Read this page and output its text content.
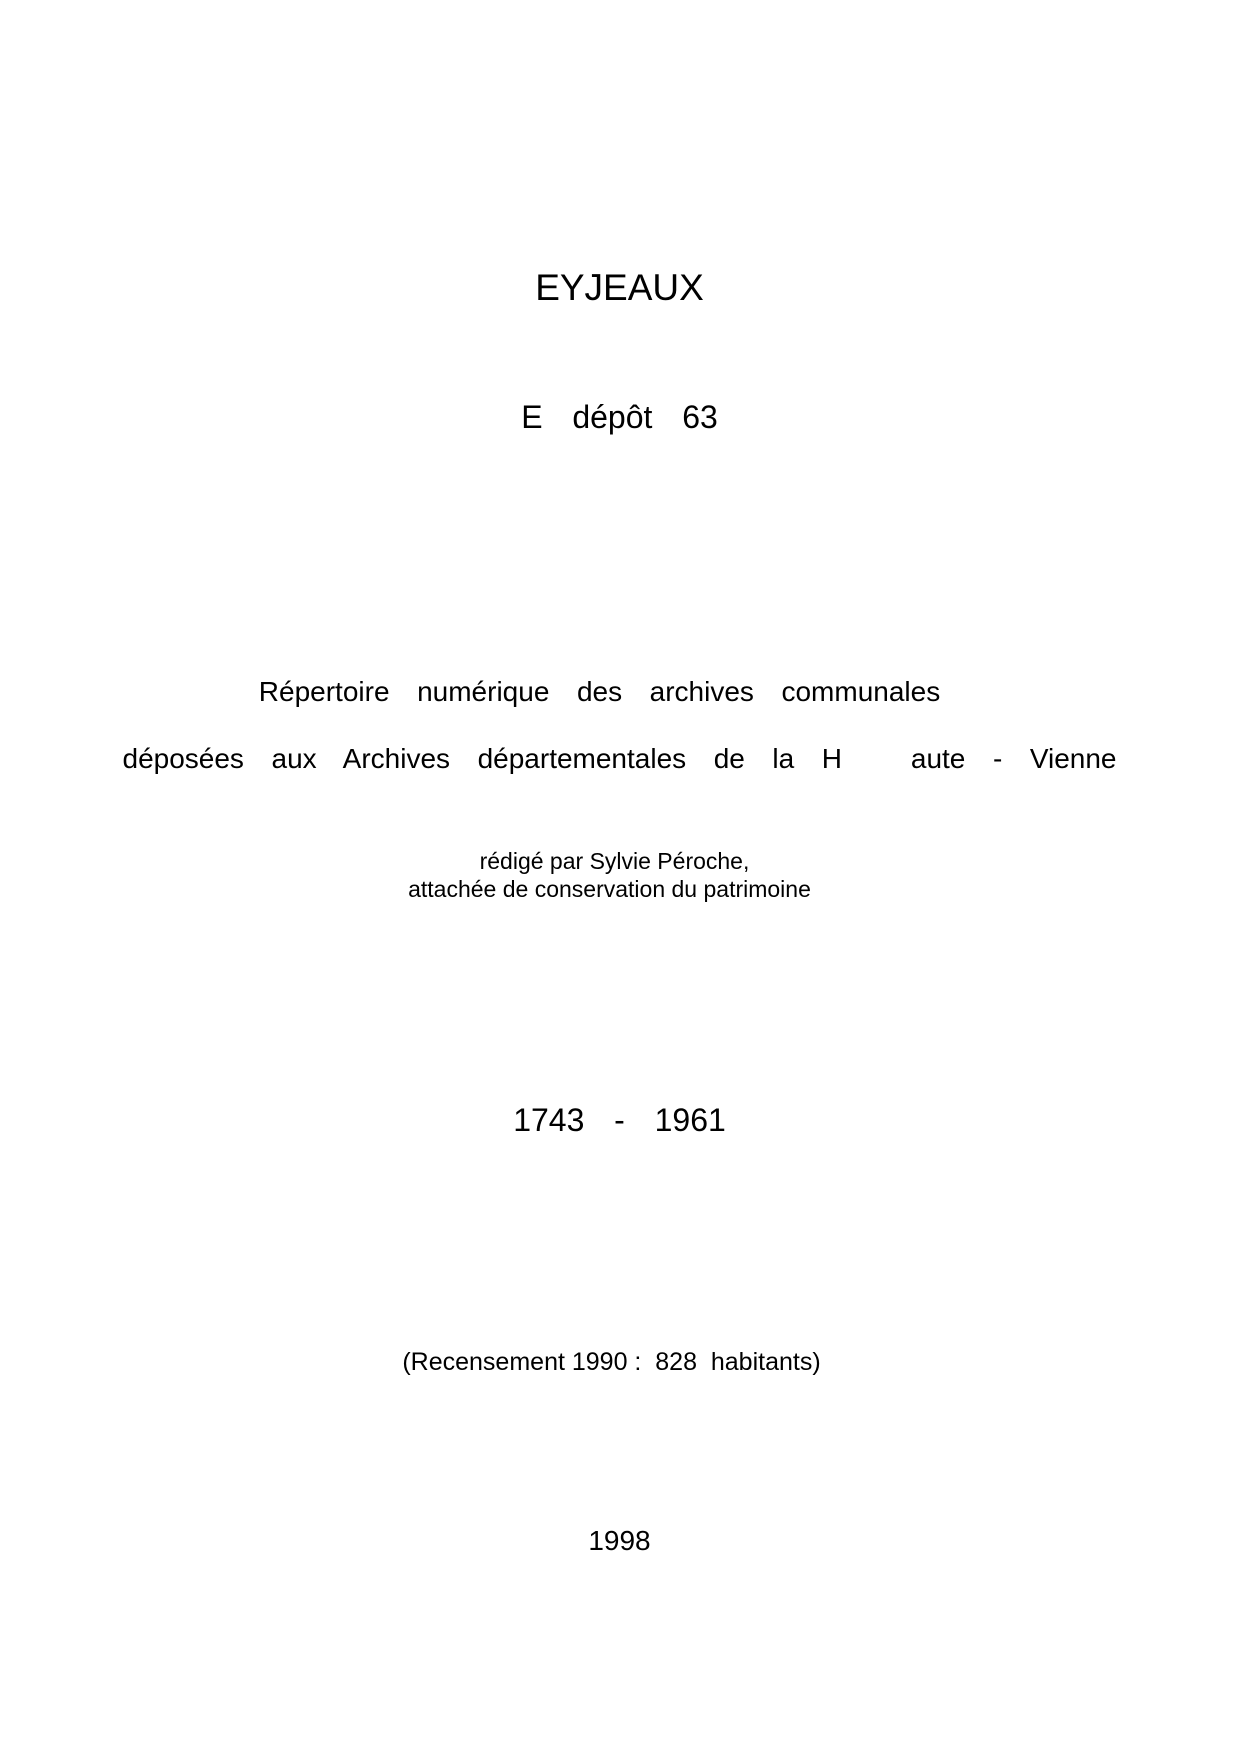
EYJEAUX
E  dépôt  63
Répertoire  numérique  des  archives  communales
déposées  aux  Archives  départementales  de  la  H     aute  -  Vienne
rédigé par Sylvie Péroche,
attachée de conservation du patrimoine
1743  -  1961
(Recensement 1990 :  828  habitants)
1998
